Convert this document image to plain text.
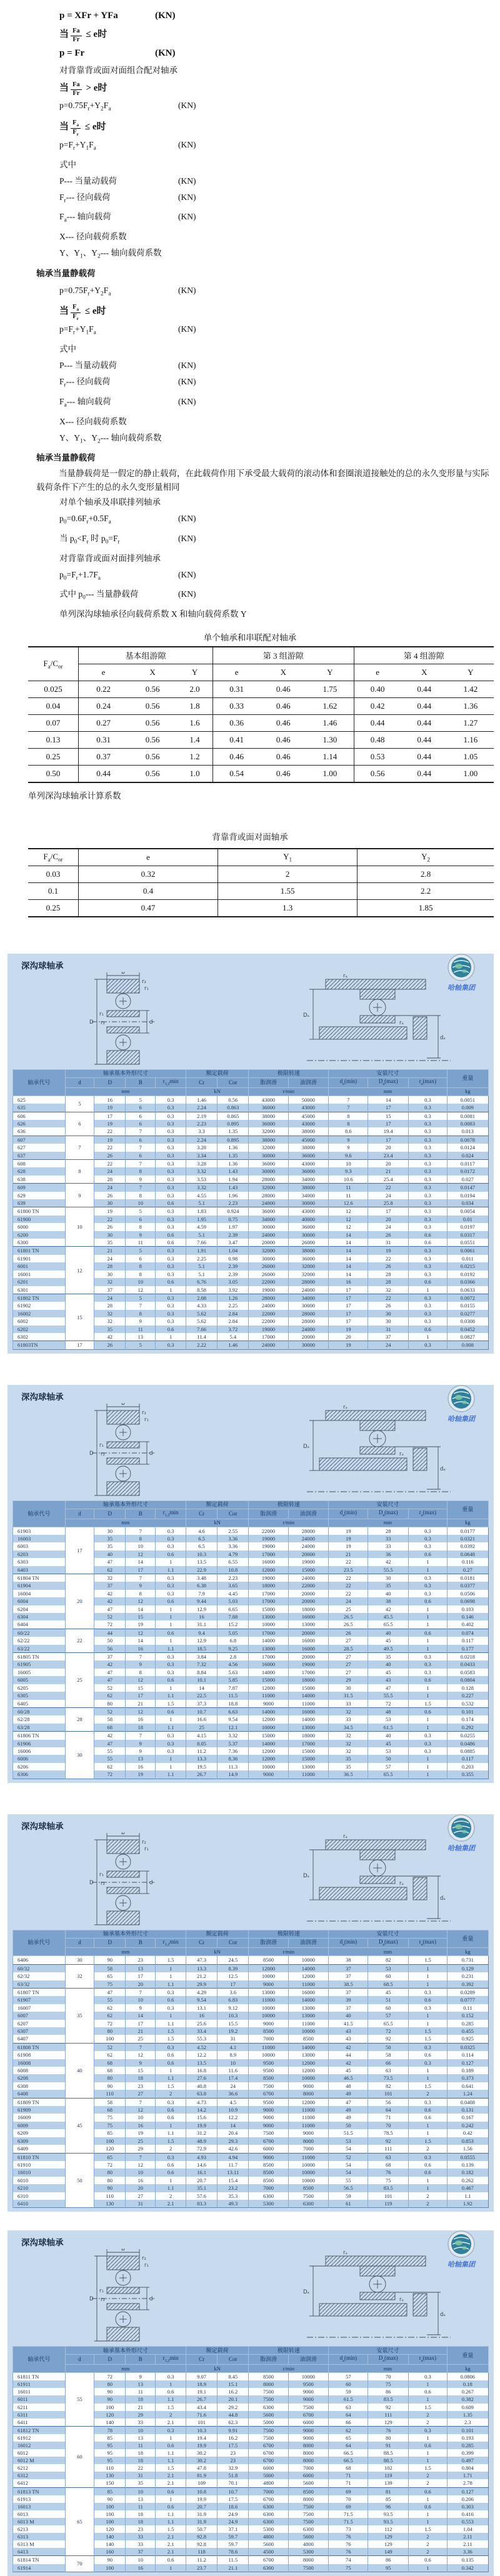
p = XFr + YFa	(KN)
当 $\frac{Fa}{Fr} \le e$时
p = Fr	(KN)
对背靠背或面对面组合配对轴承
当 $\frac{Fa}{Fr} > e$时
$p=0.75F_r+Y_2F_a$	(KN)
当 $\frac{F_a}{F_r} \le e$时
$p=F_r+Y_1F_a$	(KN)
式中
P--- 当量动载荷	(KN)
$F_r---$ 径向载荷	(KN)
$F_a---$ 轴向载荷	(KN)
X--- 径向载荷系数
Y、$Y_1$、$Y_2---$ 轴向载荷系数
轴承当量静载荷
$p=0.75F_r+Y_2F_a$	(KN)
当 $\frac{F_a}{F_r} \le e$时
$p=F_r+Y_1F_a$	(KN)
式中
P--- 当量动载荷	(KN)
$F_r---$ 径向载荷	(KN)
$F_a---$ 轴向载荷	(KN)
X--- 径向载荷系数
Y、$Y_1$、$Y_2---$ 轴向载荷系数
轴承当量静载荷
当量静载荷是一假定的静止载荷，在此载荷作用下承受最大载荷的滚动体和套圈滚道接触处的总的永久变形量与实际载荷条件下产生的总的永久变形量相同
对单个轴承及串联排列轴承
$p_0=0.6F_r+0.5F_a$	(KN)
当 $p_0<F_r$ 时 $p_0=F_r$	(KN)
对背靠背或面对面排列轴承
$p_0=F_r+1.7F_a$	(KN)
式中 $p_0---$ 当量静载荷	(KN)
单列深沟球轴承径向载荷系数 X 和轴向载荷系数 Y
单个轴承和串联配对轴承
$F_a/C_{or}$	基本组游隙			第 3 组游隙			第 4 组游隙		
	e	X	Y	e	X	Y	e	X	Y
0.025	0.22	0.56	2.0	0.31	0.46	1.75	0.40	0.44	1.42
0.04	0.24	0.56	1.8	0.33	0.46	1.62	0.42	0.44	1.36
0.07	0.27	0.56	1.6	0.36	0.46	1.46	0.44	0.44	1.27
0.13	0.31	0.56	1.4	0.41	0.46	1.30	0.48	0.44	1.16
0.25	0.37	0.56	1.2	0.46	0.46	1.14	0.53	0.44	1.05
0.50	0.44	0.56	1.0	0.54	0.46	1.00	0.56	0.44	1.00
单列深沟球轴承计算系数
背靠背或面对面轴承
$F_a/C_{or}$	e	$Y_1$	$Y_2$
0.03	0.32	2	2.8
0.1	0.4	1.55	2.2
0.25	0.47	1.3	1.85
哈轴集团
深沟球轴承
B
r₂
r₁
r₁
r₂
D	d
rₐ
rₐ
Dₐ
dₐ
轴承代号	轴承基本外形尺寸				额定载荷		极限转速		安装尺寸			重量
	d	D	B	$r_{1,2}\min$	Cr	Cor	脂润滑	油润滑	$d_a(\min)$	$D_a(\max)$	$r_a(\max)$	
	mm				kN		r/min		mm			kg
625	5	16	5	0.3	1.46	0.56	43000	50000	7	14	0.3	0.0051
635		19	6	0.3	2.24	0.863	36000	43000	7	17	0.3	0.009
606	6	17	6	0.3	2.19	0.865	38000	45000	8	15	0.3	0.0081
626		19	6	0.3	2.23	0.895	36000	43000	8	17	0.3	0.0083
636		22	7	0.3	3.3	1.35	32000	38000	8.6	19.4	0.3	0.013
607	7	19	6	0.3	2.24	0.895	38000	45000	9	17	0.3	0.0078
627		22	7	0.3	3.28	1.36	32000	38000	9	20	0.3	0.0124
637		26	6	0.3	3.34	1.35	30000	36000	9.6	23.4	0.3	0.024
608	8	22	7	0.3	3.28	1.36	36000	43000	10	20	0.3	0.0117
628		24	8	0.3	3.32	1.43	30000	36000	9.3	21	0.3	0.0172
638		28	9	0.3	3.53	1.94	28000	34000	10.6	25.4	0.3	0.027
609	9	24	7	0.3	3.32	1.43	32000	38000	11	22	0.3	0.0147
629		26	8	0.3	4.55	1.96	28000	34000	11	24	0.3	0.0194
639		30	10	0.6	5.1	2.23	24000	30000	12.6	25.8	0.3	0.034
61800 TN	10	19	5	0.3	1.83	0.924	36000	43000	12	17	0.3	0.0054
61900		22	6	0.3	1.95	0.75	34000	40000	12	20	0.3	0.01
6000		26	8	0.3	4.59	1.97	30000	36000	12	24	0.3	0.0197
6200		30	9	0.6	5.1	2.39	24000	30000	14	26	0.6	0.0317
6300		35	11	0.6	7.66	3.47	20000	26000	14	31	0.6	0.0551
61801 TN	12	21	5	0.3	1.91	1.04	32000	38000	14	19	0.3	0.0061
61901		24	6	0.3	2.25	0.98	30000	36000	14	22	0.3	0.011
6001		28	8	0.3	5.1	2.39	26000	32000	14	26	0.3	0.0215
16001		30	8	0.3	5.1	2.39	26000	32000	14	28	0.3	0.0192
6201		32	10	0.6	6.76	3.05	22000	28000	16	28	0.6	0.0366
6301		37	12	1	8.58	3.92	19000	24000	17	32	1	0.0633
61802 TN	15	24	5	0.3	2.08	1.26	28000	34000	17	22	0.3	0.0072
61902		28	7	0.3	4.33	2.25	24000	30000	17	26	0.3	0.0155
16002		32	8	0.3	5.62	2.84	22000	28000	17	30	0.3	0.0277
6002		32	9	0.3	5.62	2.84	22000	28000	17	30	0.3	0.0308
6202		35	11	0.6	7.66	3.72	19000	24000	19	31	0.6	0.0452
6302		42	13	1	11.4	5.4	17000	20000	20	37	1	0.0827
61803TN	17	26	5	0.3	2.22	1.46	24000	30000	19	24	0.3	0.008
哈轴集团
深沟球轴承
B
r₂
r₁
r₁
r₂
D	d
rₐ
rₐ
Dₐ
dₐ
轴承代号	轴承基本外形尺寸				额定载荷		极限转速		安装尺寸			重量
	d	D	B	$r_{1,2}\min$	Cr	Cor	脂润滑	油润滑	$d_a(\min)$	$D_a(\max)$	$r_a(\max)$	
	mm				kN		r/min		mm			kg
61903	17	30	7	0.3	4.6	2.55	22000	28000	19	28	0.3	0.0177
16003		35	8	0.3	6.5	3.36	19000	24000	19	33	0.3	0.0321
6003		35	10	0.3	6.5	3.36	19000	24000	19	33	0.3	0.0392
6203		40	12	0.6	10.3	4.79	17000	20000	21	36	0.6	0.0648
6303		47	14	1	13.5	6.55	16000	19000	22	42	1	0.116
6403		62	17	1.1	22.9	10.8	12000	15000	23.5	55.5	1	0.27
61804 TN	20	32	7	0.3	3.48	2.23	19000	24000	22	30	0.3	0.0181
61904		37	9	0.3	6.38	3.65	18000	22000	22	35	0.3	0.0377
16004		42	8	0.3	7.9	4.45	17000	20000	22	40	0.3	0.0506
6004		42	12	0.6	9.44	5.03	17000	20000	24	38	0.6	0.0698
6204		47	14	1	12.9	6.65	15000	18000	25	42	1	0.103
6304		52	15	1	16	7.88	13000	16000	26.5	45.5	1	0.146
6404		72	19	1	31.1	15.2	10000	13000	26.5	65.5	1	0.402
60/22	22	44	12	0.6	9.4	5.05	17000	20000	26	40	0.6	0.074
62/22		50	14	1	12.9	6.8	14000	16000	27	45	1	0.117
63/22		56	16	1.1	18.5	9.25	13000	16000	28.5	49.5	1	0.177
61805 TN	25	37	7	0.3	3.84	2.8	17000	20000	27	35	0.3	0.0218
61905		42	9	0.3	7.32	4.56	16000	19000	27	40	0.3	0.0433
16005		47	8	0.3	8.84	5.63	14000	17000	27	45	0.3	0.0583
6005		47	12	0.6	10.1	5.85	15000	18000	29	43	0.6	0.0804
6205		52	15	1	14	7.87	12000	15000	30	47	1	0.128
6305		62	17	1.1	22.5	11.5	11000	14000	31.5	55.5	1	0.227
6405		80	21	1.5	37.3	18.8	9000	11000	33	72	1.5	0.532
60/28	28	52	12	0.6	10.7	6.63	14000	16000	32	48	0.6	0.101
62/28		58	16	1	16.6	9.54	12000	14000	33	53	1	0.174
63/28		68	18	1.1	25	12.1	10000	13000	34.5	61.5	1	0.292
61806 TN	30	42	7	0.3	4.15	3.32	15000	18000	32	40	0.3	0.0255
61906		47	9	0.3	8.05	5.37	14000	17000	32	45	0.3	0.0486
16006		55	9	0.3	11.2	7.36	12000	15000	32	53	0.3	0.0885
6006		55	13	1	13.3	8.36	12000	15000	35	50	1	0.117
6206		62	16	1	19.5	11.3	10000	13000	35	57	1	0.203
6306		72	19	1.1	26.7	14.9	9000	11000	36.5	65.5	1	0.355
哈轴集团
深沟球轴承
B
r₂
r₁
r₁
r₂
D	d
rₐ
rₐ
Dₐ
dₐ
轴承代号	轴承基本外形尺寸				额定载荷		极限转速		安装尺寸			重量
	d	D	B	$r_{1,2}\min$	Cr	Cor	脂润滑	油润滑	$d_a(\min)$	$D_a(\max)$	$r_a(\max)$	
	mm				kN		r/min		mm			kg
6406	30	90	23	1.5	47.3	24.5	8500	10000	38	82	1.5	0.731
60/32	32	58	13	1	13.3	8.39	12000	14000	37	53	1	0.129
62/32		65	17	1	21.2	12.5	10000	12000	37	60	1	0.231
63/32		75	20	1.1	29.9	17	9000	11000	38.5	68.5	1	0.392
61807 TN	35	47	7	0.3	4.29	3.6	13000	16000	37	45	0.3	0.0289
61907		55	10	0.6	9.54	6.83	11000	14000	39	51	0.6	0.0777
16007		62	9	0.3	13.1	9.12	10000	13000	37	60	0.3	0.11
6007		62	14	1	16	10.3	10000	13000	40	57	1	0.152
6207		72	17	1.1	25.6	15.5	9000	11000	41.5	65.5	1	0.285
6307		80	21	1.5	33.4	19.2	8500	10000	43	72	1.5	0.455
6407		100	25	1.5	55.3	31	7000	8500	43	92	1.5	0.925
61808 TN	40	52	7	0.3	4.52	4.1	11000	14000	42	50	0.3	0.0325
61908		62	12	0.6	12.2	8.9	10000	13000	44	58	0.6	0.114
16008		68	9	0.6	13.5	10	9500	12000	42	66	0.3	0.127
6008		68	15	1	16.8	11.6	9500	12000	45	63	1	0.189
6208		80	18	1.1	27.6	17.4	8500	10000	46.5	73.5	1	0.373
6308		90	23	1.5	40.8	24	7500	9000	48	82	1.5	0.641
6408		110	27	2	63.8	36.6	6700	8000	49	101	2	1.24
61809 TN	45	58	7	0.3	4.73	4.5	9500	12000	47	56	0.3	0.0408
61909		68	12	0.6	14.2	10.9	9000	11000	49	64	0.6	0.131
16009		75	10	0.6	15.6	12.2	9000	11000	49	71	0.6	0.167
6009		75	16	1	19.9	14	9000	11000	50	70	1	0.242
6209		85	19	1.1	31.2	20.4	7500	9000	51.5	78.5	1	0.42
6309		100	25	1.5	48.9	29.3	6700	8000	53	92	1.5	0.853
6409		120	29	2	72.9	42.6	6000	7000	54	111	2	1.56
61810 TN	50	65	7	0.3	4.93	4.94	9000	11000	52	63	0.3	0.0555
61910		72	12	0.6	14.6	11.7	8500	10000	54	68	0.6	0.139
16010		80	10	0.6	16.1	13.11	8500	10000	54	76	0.6	0.182
6010		80	16	1	20.7	15.4	8500	10000	55	75	1	0.262
6210		90	20	1.1	35.1	23.2	7000	8500	56.5	83.5	1	0.467
6310		110	27	2	57.6	35.3	6300	7500	59	101	2	1.1
6410		130	31	2.1	83.3	49.3	5300	6300	61	119	2	1.92
哈轴集团
深沟球轴承
B
r₂
r₁
r₁
r₂
D	d
rₐ
rₐ
Dₐ
dₐ
轴承代号	轴承基本外形尺寸				额定载荷		极限转速		安装尺寸			重量
	d	D	B	$r_{1,2}\min$	Cr	Cor	脂润滑	油润滑	$d_a(\min)$	$D_a(\max)$	$r_a(\max)$	
	mm				kN		r/min		mm			kg
61811 TN	55	72	9	0.3	9.07	8.45	8500	10000	57	70	0.3	0.0806
61911		80	13	1	18.9	15.1	8000	9500	60	75	1	0.18
16011		90	11	0.6	19.1	16.2	7500	9000	59	86	0.6	0.267
6011		90	18	1.1	26.7	20.1	7500	9000	61.5	83.5	1	0.382
6211		100	21	1.5	43.4	29.2	6300	7500	63	92	1.5	0.609
6311		120	29	2	71.6	44.8	5600	6700	64	111	2	1.35
6411		140	33	2.1	101	62.3	5000	6000	66	129	2	2.3
61812 TN	60	78	10	0.3	10.3	9.91	7500	9000	62	76	0.3	0.101
61912		85	13	1	19.4	16.2	7500	9000	65	80	1	0.193
16012		95	11	0.6	19.9	17.5	6700	8000	64	91	0.6	0.285
6012		95	18	1.1	30.2	23	6700	8000	66.5	88.5	1	0.399
6012 M		95	18	1.1	30.2	23	6700	8000	66.5	88.5	1	0.497
6212		110	22	1.5	47.8	32.9	6000	7000	68	102	1.5	0.804
6312		130	31	2.1	81.9	51.8	5000	6000	71	119	2	1.71
6412		150	35	2.1	109	70.1	4800	5600	71	139	2	2.78
61813 TN	65	85	10	0.6	10.8	10.7	7000	8500	69	81	0.6	0.127
61913		90	13	1	19.9	17.5	6700	8000	70	85	1	0.206
16013		100	11	0.6	20.7	18.6	6300	7500	69	96	0.6	0.303
6013		100	18	1.1	31.9	24.9	6300	7500	71.5	93.5	1	0.416
6013 M		100	18	1.1	31.9	24.9	6300	7500	71.5	93.5	1	0.553
6213		120	23	1.5	50.7	37.1	5300	6300	73	112	1.5	1.04
6313		140	33	2.1	92.8	59.7	4800	5600	76	129	2	2.11
6313 M		140	33	2.1	92.8	59.7	5600	4800	76	129	2	2.11
6413		160	37	2.1	118	78.6	4500	5300	76	149	2	3.36
61814 TN	70	90	10	0.6	11.2	11.5	6700	8000	74	86	0.6	0.135
61914		100	16	1	23.7	21.1	6300	7500	75	95	1	0.342
